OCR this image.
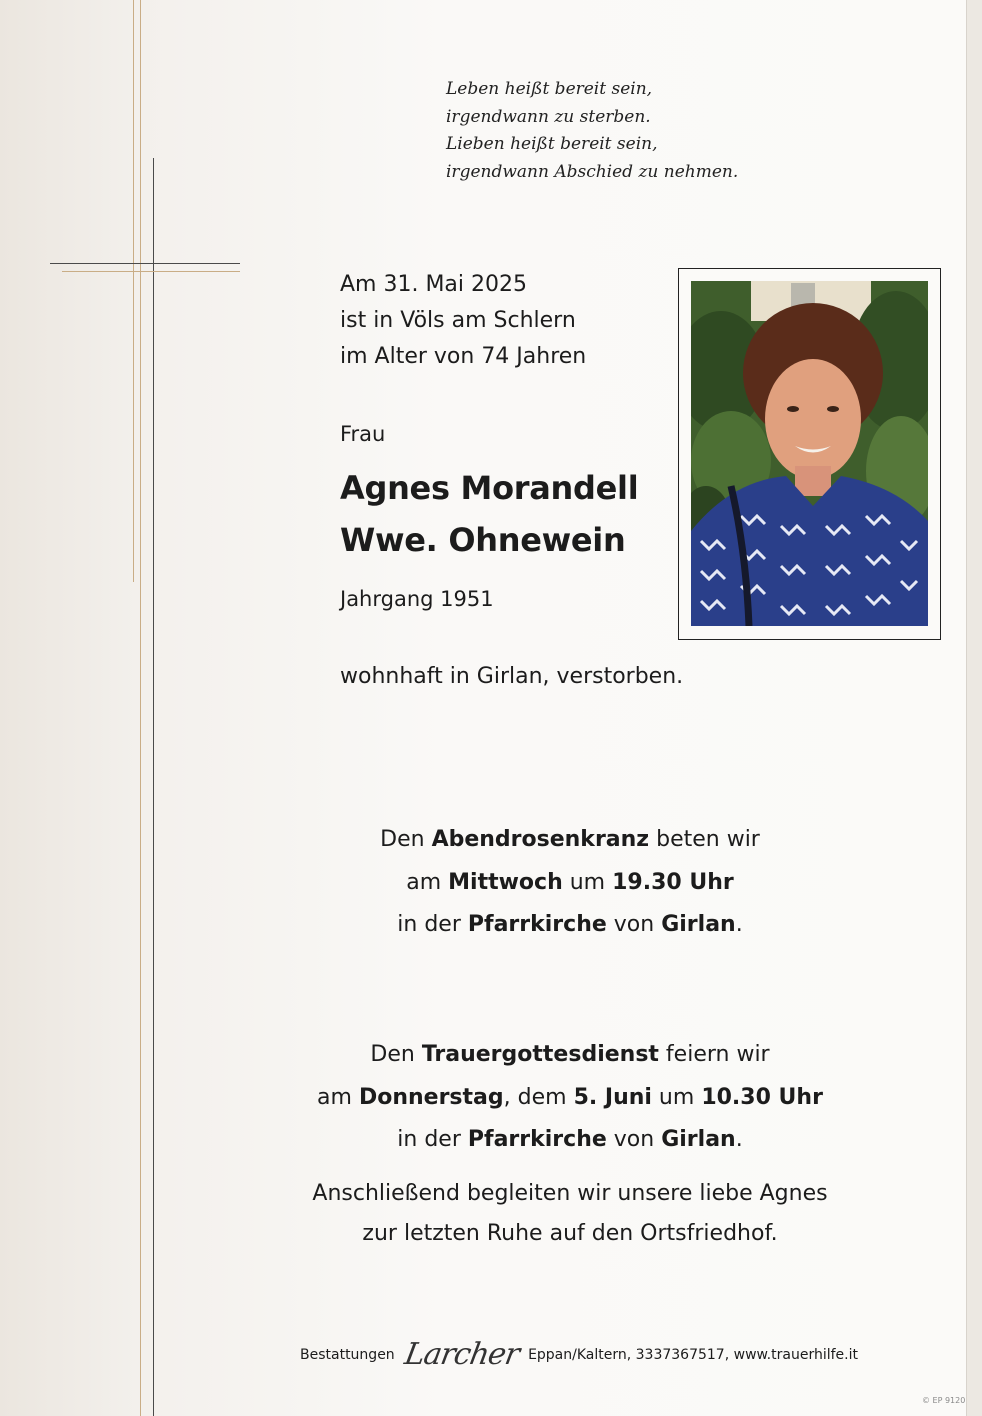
Leben heißt bereit sein,
irgendwann zu sterben.
Lieben heißt bereit sein,
irgendwann Abschied zu nehmen.
Am 31. Mai 2025
ist in Völs am Schlern
im Alter von 74 Jahren
Frau
Agnes Morandell
Wwe. Ohnewein
Jahrgang 1951
wohnhaft in Girlan, verstorben.
Den Abendrosenkranz beten wir
am Mittwoch um 19.30 Uhr
in der Pfarrkirche von Girlan.
Den Trauergottesdienst feiern wir
am Donnerstag, dem 5. Juni um 10.30 Uhr
in der Pfarrkirche von Girlan.
Anschließend begleiten wir unsere liebe Agnes
zur letzten Ruhe auf den Ortsfriedhof.
Bestattungen Larcher Eppan/Kaltern, 3337367517, www.trauerhilfe.it
© EP 9120
